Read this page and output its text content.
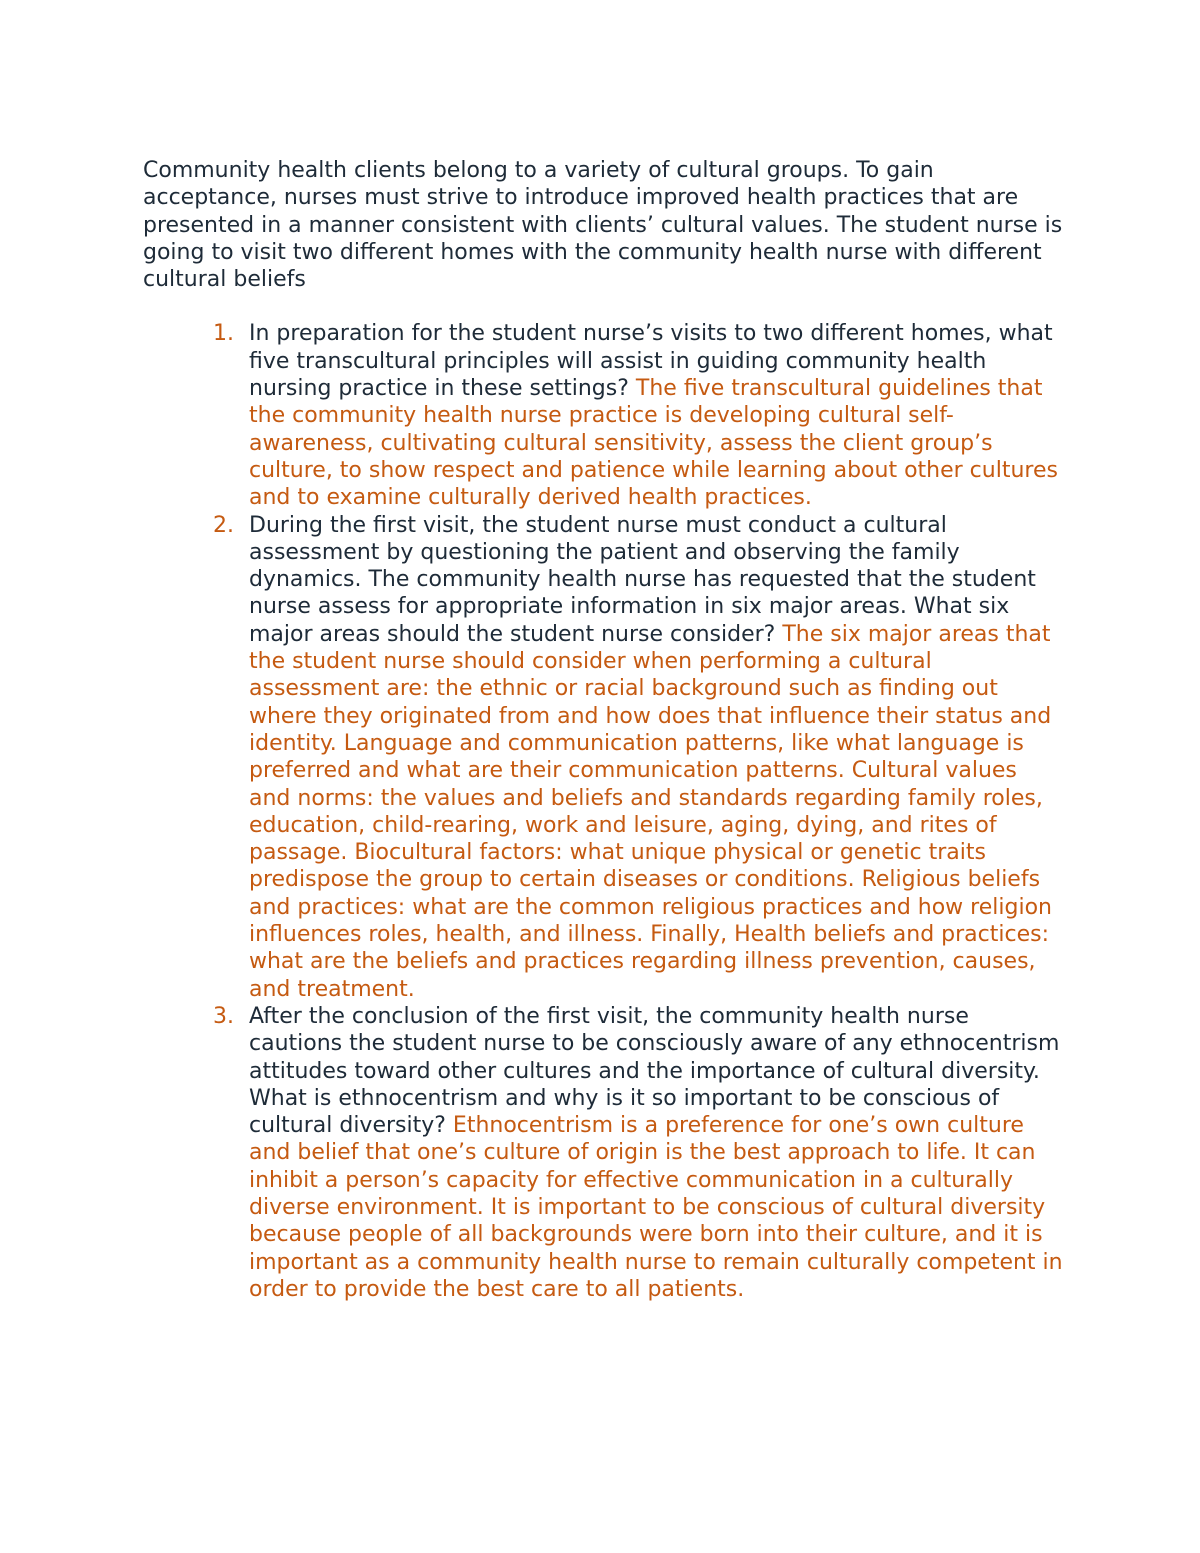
Community health clients belong to a variety of cultural groups. To gain acceptance, nurses must strive to introduce improved health practices that are presented in a manner consistent with clients’ cultural values. The student nurse is going to visit two different homes with the community health nurse with different cultural beliefs

1. In preparation for the student nurse’s visits to two different homes, what five transcultural principles will assist in guiding community health nursing practice in these settings? The five transcultural guidelines that the community health nurse practice is developing cultural self-awareness, cultivating cultural sensitivity, assess the client group’s culture, to show respect and patience while learning about other cultures and to examine culturally derived health practices.
2. During the first visit, the student nurse must conduct a cultural assessment by questioning the patient and observing the family dynamics. The community health nurse has requested that the student nurse assess for appropriate information in six major areas. What six major areas should the student nurse consider? The six major areas that the student nurse should consider when performing a cultural assessment are: the ethnic or racial background such as finding out where they originated from and how does that influence their status and identity. Language and communication patterns, like what language is preferred and what are their communication patterns. Cultural values and norms: the values and beliefs and standards regarding family roles, education, child-rearing, work and leisure, aging, dying, and rites of passage. Biocultural factors: what unique physical or genetic traits predispose the group to certain diseases or conditions. Religious beliefs and practices: what are the common religious practices and how religion influences roles, health, and illness. Finally, Health beliefs and practices: what are the beliefs and practices regarding illness prevention, causes, and treatment.
3. After the conclusion of the first visit, the community health nurse cautions the student nurse to be consciously aware of any ethnocentrism attitudes toward other cultures and the importance of cultural diversity. What is ethnocentrism and why is it so important to be conscious of cultural diversity? Ethnocentrism is a preference for one’s own culture and belief that one’s culture of origin is the best approach to life. It can inhibit a person’s capacity for effective communication in a culturally diverse environment. It is important to be conscious of cultural diversity because people of all backgrounds were born into their culture, and it is important as a community health nurse to remain culturally competent in order to provide the best care to all patients.
